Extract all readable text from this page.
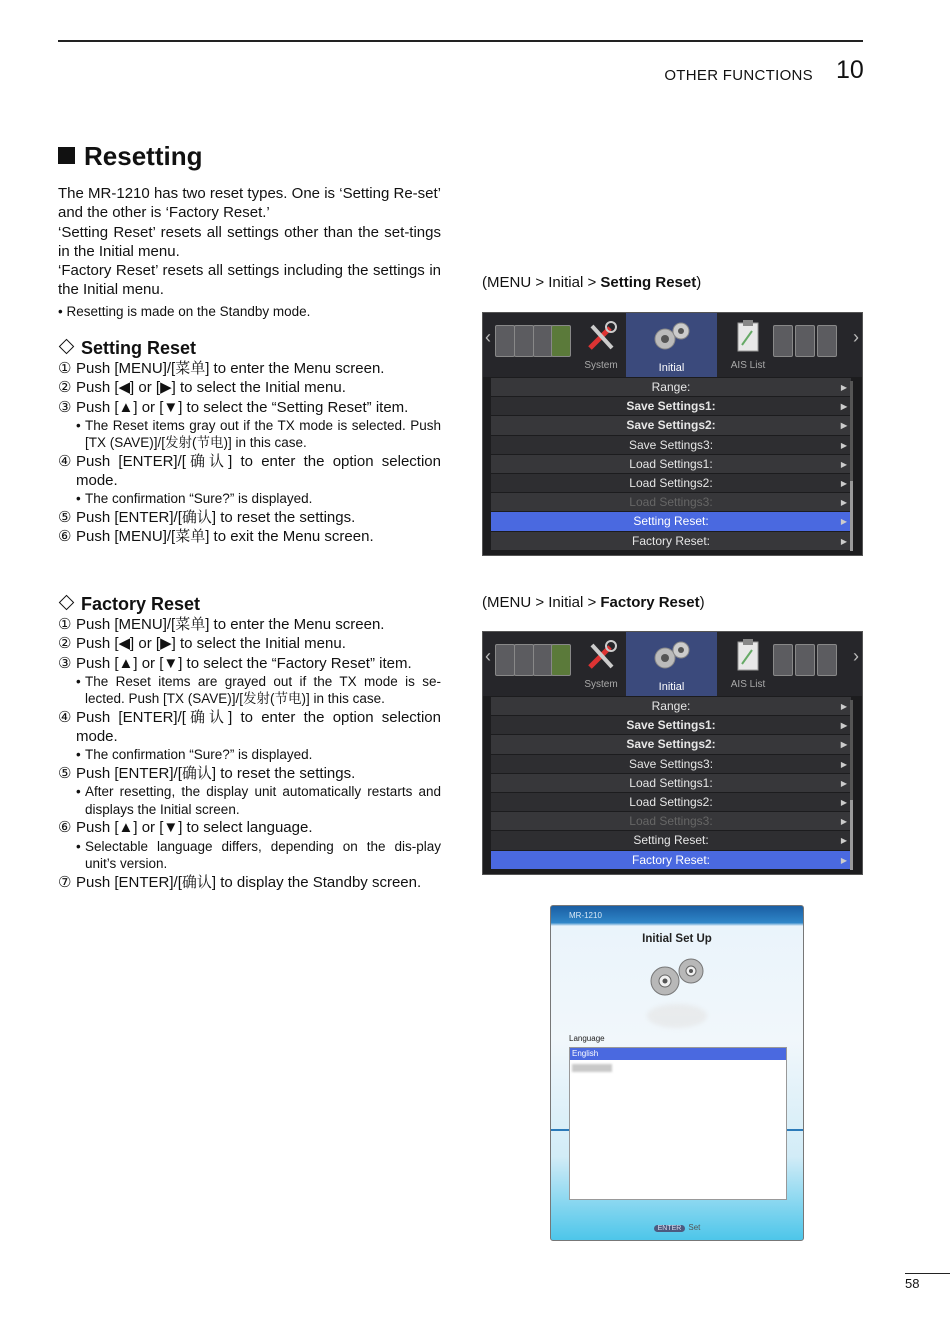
OTHER FUNCTIONS 10
Resetting

The MR-1210 has two reset types. One is ‘Setting Re-set’ and the other is ‘Factory Reset.’

‘Setting Reset’ resets all settings other than the set-tings in the Initial menu.

‘Factory Reset’ resets all settings including the settings in the Initial menu.

• Resetting is made on the Standby mode.
Setting Reset
① Push [MENU]/[菜单] to enter the Menu screen.
② Push [◀] or [▶] to select the Initial menu.
③ Push [▲] or [▼] to select the “Setting Reset” item.
• The Reset items gray out if the TX mode is selected. Push [TX (SAVE)]/[发射(节电)] in this case.
④ Push [ENTER]/[确认] to enter the option selection mode.
• The confirmation “Sure?” is displayed.
⑤ Push [ENTER]/[确认] to reset the settings.
⑥ Push [MENU]/[菜单] to exit the Menu screen.
Factory Reset
① Push [MENU]/[菜单] to enter the Menu screen.
② Push [◀] or [▶] to select the Initial menu.
③ Push [▲] or [▼] to select the “Factory Reset” item.
• The Reset items are grayed out if the TX mode is se-lected. Push [TX (SAVE)]/[发射(节电)] in this case.
④ Push [ENTER]/[确认] to enter the option selection mode.
• The confirmation “Sure?” is displayed.
⑤ Push [ENTER]/[确认] to reset the settings.
• After resetting, the display unit automatically restarts and displays the Initial screen.
⑥ Push [▲] or [▼] to select language.
• Selectable language differs, depending on the dis-play unit’s version.
⑦ Push [ENTER]/[确认] to display the Standby screen.
(MENU > Initial > Setting Reset)
(MENU > Initial > Factory Reset)
‹	›
System	Initial	AIS List
Range:	▶
Save Settings1:	▶
Save Settings2:	▶
Save Settings3:	▶
Load Settings1:	▶
Load Settings2:	▶
Load Settings3:	▶
Setting Reset:	▶
Factory Reset:	▶
‹	›
System	Initial	AIS List
Range:	▶
Save Settings1:	▶
Save Settings2:	▶
Save Settings3:	▶
Load Settings1:	▶
Load Settings2:	▶
Load Settings3:	▶
Setting Reset:	▶
Factory Reset:	▶
MR-1210
Initial Set Up
Language
English
ENTER Set
58
